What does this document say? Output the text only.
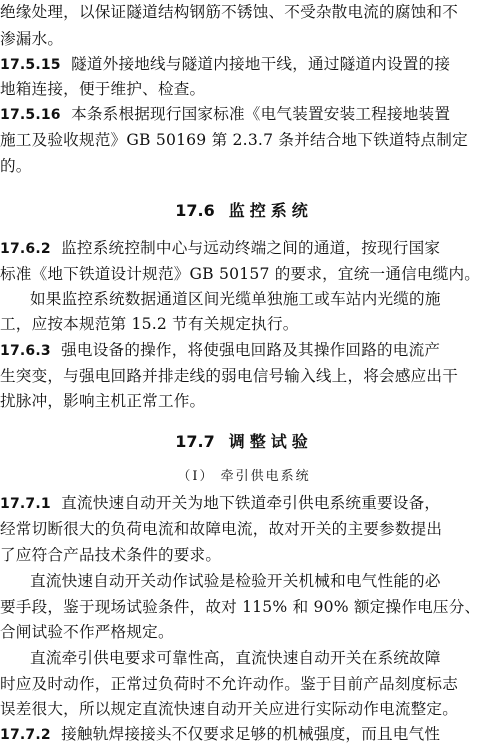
绝缘处理，以保证隧道结构钢筋不锈蚀、不受杂散电流的腐蚀和不
渗漏水。
17.5.15 隧道外接地线与隧道内接地干线，通过隧道内设置的接
地箱连接，便于维护、检查。
17.5.16 本条系根据现行国家标准《电气装置安装工程接地装置
施工及验收规范》GB 50169 第 2.3.7 条并结合地下铁道特点制定
的。
17.6 监控系统
17.6.2 监控系统控制中心与远动终端之间的通道，按现行国家
标准《地下铁道设计规范》GB 50157 的要求，宜统一通信电缆内。
如果监控系统数据通道区间光缆单独施工或车站内光缆的施
工，应按本规范第 15.2 节有关规定执行。
17.6.3 强电设备的操作，将使强电回路及其操作回路的电流产
生突变，与强电回路并排走线的弱电信号输入线上，将会感应出干
扰脉冲，影响主机正常工作。
17.7 调整试验
（Ⅰ） 牵引供电系统
17.7.1 直流快速自动开关为地下铁道牵引供电系统重要设备，
经常切断很大的负荷电流和故障电流，故对开关的主要参数提出
了应符合产品技术条件的要求。
直流快速自动开关动作试验是检验开关机械和电气性能的必
要手段，鉴于现场试验条件，故对 115% 和 90% 额定操作电压分、
合闸试验不作严格规定。
直流牵引供电要求可靠性高，直流快速自动开关在系统故障
时应及时动作，正常过负荷时不允许动作。鉴于目前产品刻度标志
误差很大，所以规定直流快速自动开关应进行实际动作电流整定。
17.7.2 接触轨焊接接头不仅要求足够的机械强度，而且电气性
